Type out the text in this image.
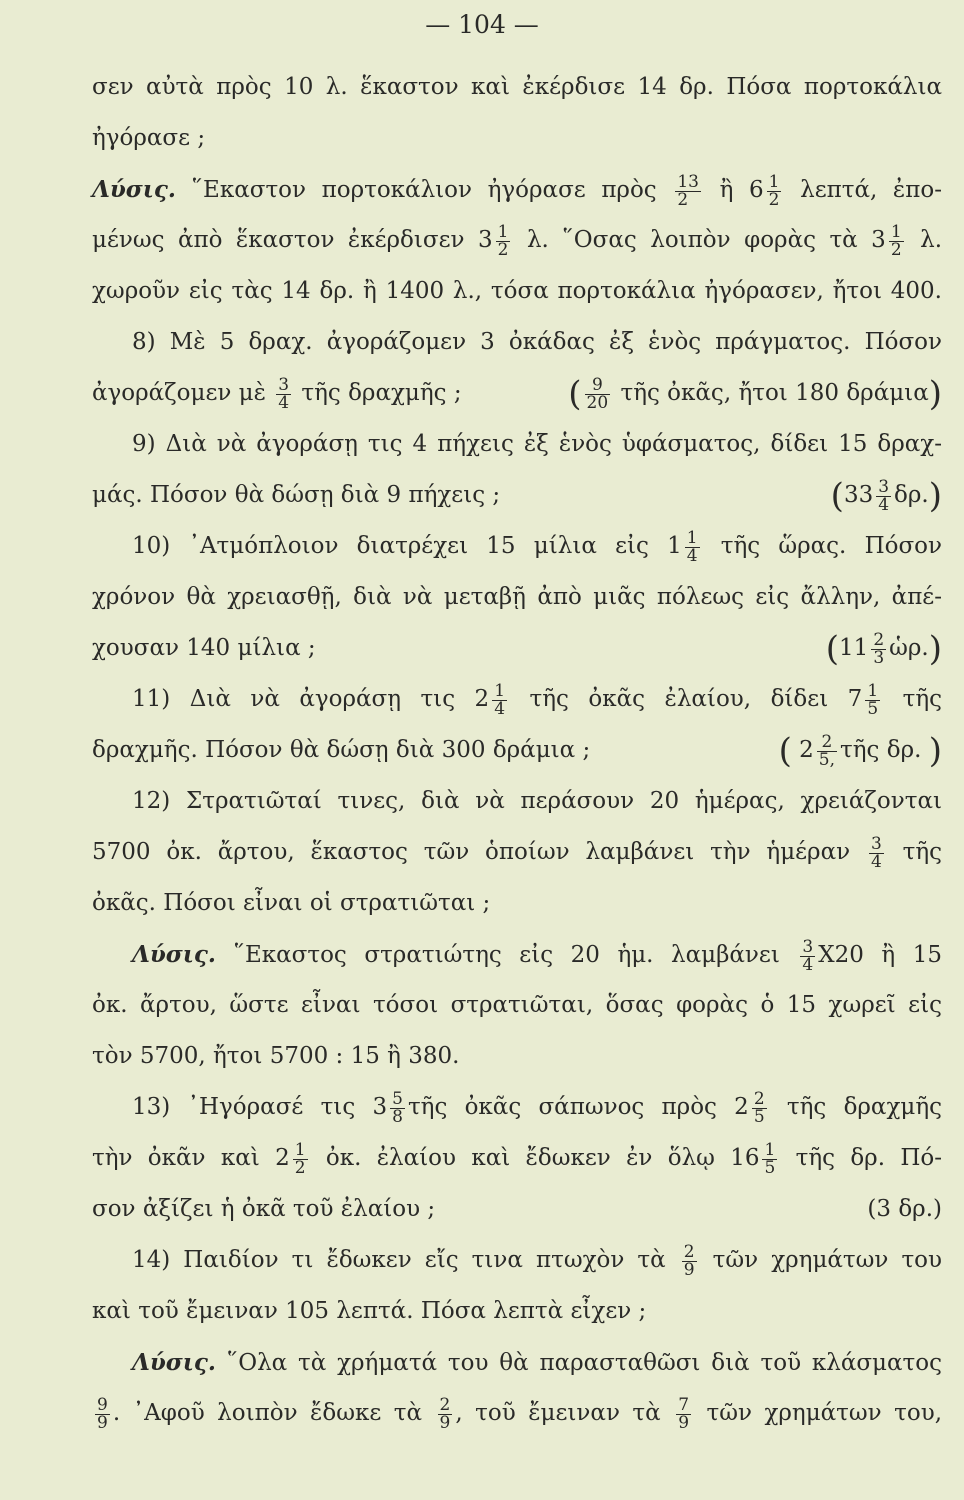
— 104 —
σεν αὐτὰ πρὸς 10 λ. ἕκαστον καὶ ἐκέρδισε 14 δρ. Πόσα πορτοκάλια
ἠγόρασε ;
Λύσις. ῞Εκαστον πορτοκάλιον ἠγόρασε πρὸς $\frac{13}{2}$ ἢ $6 \frac{1}{2} \lambda\varepsilon\pi\tau ά$, ἐπο-
μένως ἀπὸ ἕκαστον ἐκέρδισεν $3 \frac{1}{2} \lambda$. ῞Οσας λοιπὸν φορὰς τὰ $3 \frac{1}{2} \lambda$.
χωροῦν εἰς τὰς 14 δρ. ἢ 1400 λ., τόσα πορτοκάλια ἠγόρασεν, ἤτοι 400.
8) Μὲ 5 δραχ. ἀγοράζομεν 3 ὀκάδας ἐξ ἑνὸς πράγματος. Πόσον
ἀγοράζομεν μὲ $\frac{3}{4}$ τῆς δραχμῆς ;	( $\frac{9}{20}$ τῆς ὀκᾶς, ἤτοι 180 δράμια)
9) Διὰ νὰ ἀγοράσῃ τις 4 πήχεις ἐξ ἑνὸς ὑφάσματος, δίδει 15 δραχ-
μάς. Πόσον θὰ δώσῃ διὰ 9 πήχεις ;	$(33 \frac{3}{4} \delta\rho.)$
10) ᾿Ατμόπλοιον διατρέχει 15 μίλια εἰς $1 \frac{1}{4}$ τῆς ὥρας. Πόσον
χρόνον θὰ χρειασθῇ, διὰ νὰ μεταβῇ ἀπὸ μιᾶς πόλεως εἰς ἄλλην, ἀπέ-
χουσαν 140 μίλια ;	($11 \frac{2}{3}$ ὡρ.)
11) Διὰ νὰ ἀγοράσῃ τις $2 \frac{1}{4}$ τῆς ὀκᾶς ἐλαίου, δίδει $7 \frac{1}{5}$ τῆς
δραχμῆς. Πόσον θὰ δώσῃ διὰ 300 δράμια ;	( $2 \frac{2}{5,}$ τῆς δρ. )
12) Στρατιῶταί τινες, διὰ νὰ περάσουν 20 ἡμέρας, χρειάζονται
5700 ὀκ. ἄρτου, ἕκαστος τῶν ὁποίων λαμβάνει τὴν ἡμέραν $\frac{3}{4}$ τῆς
ὀκᾶς. Πόσοι εἶναι οἱ στρατιῶται ;
Λύσις. ῞Εκαστος στρατιώτης εἰς 20 ἡμ. λαμβάνει $\frac{3}{4} X20$ ἢ 15
ὀκ. ἄρτου, ὥστε εἶναι τόσοι στρατιῶται, ὅσας φορὰς ὁ 15 χωρεῖ εἰς
τὸν 5700, ἤτοι 5700 : 15 ἢ 380.
13) ᾿Ηγόρασέ τις $3 \frac{5}{8}$ τῆς ὀκᾶς σάπωνος πρὸς $2 \frac{2}{5}$ τῆς δραχμῆς
τὴν ὀκᾶν καὶ $2 \frac{1}{2}$ ὀκ. ἐλαίου καὶ ἔδωκεν ἐν ὅλῳ $16 \frac{1}{5}$ τῆς δρ. Πό-
σον ἀξίζει ἡ ὀκᾶ τοῦ ἐλαίου ;	(3 δρ.)
14) Παιδίον τι ἔδωκεν εἴς τινα πτωχὸν τὰ $\frac{2}{9}$ τῶν χρημάτων του
καὶ τοῦ ἔμειναν 105 λεπτά. Πόσα λεπτὰ εἶχεν ;
Λύσις. ῞Ολα τὰ χρήματά του θὰ παρασταθῶσι διὰ τοῦ κλάσματος
$\frac{9}{9}$ . ᾿Αφοῦ λοιπὸν ἔδωκε τὰ $\frac{2}{9}$ , τοῦ ἔμειναν τὰ $\frac{7}{9}$ τῶν χρημάτων του,
